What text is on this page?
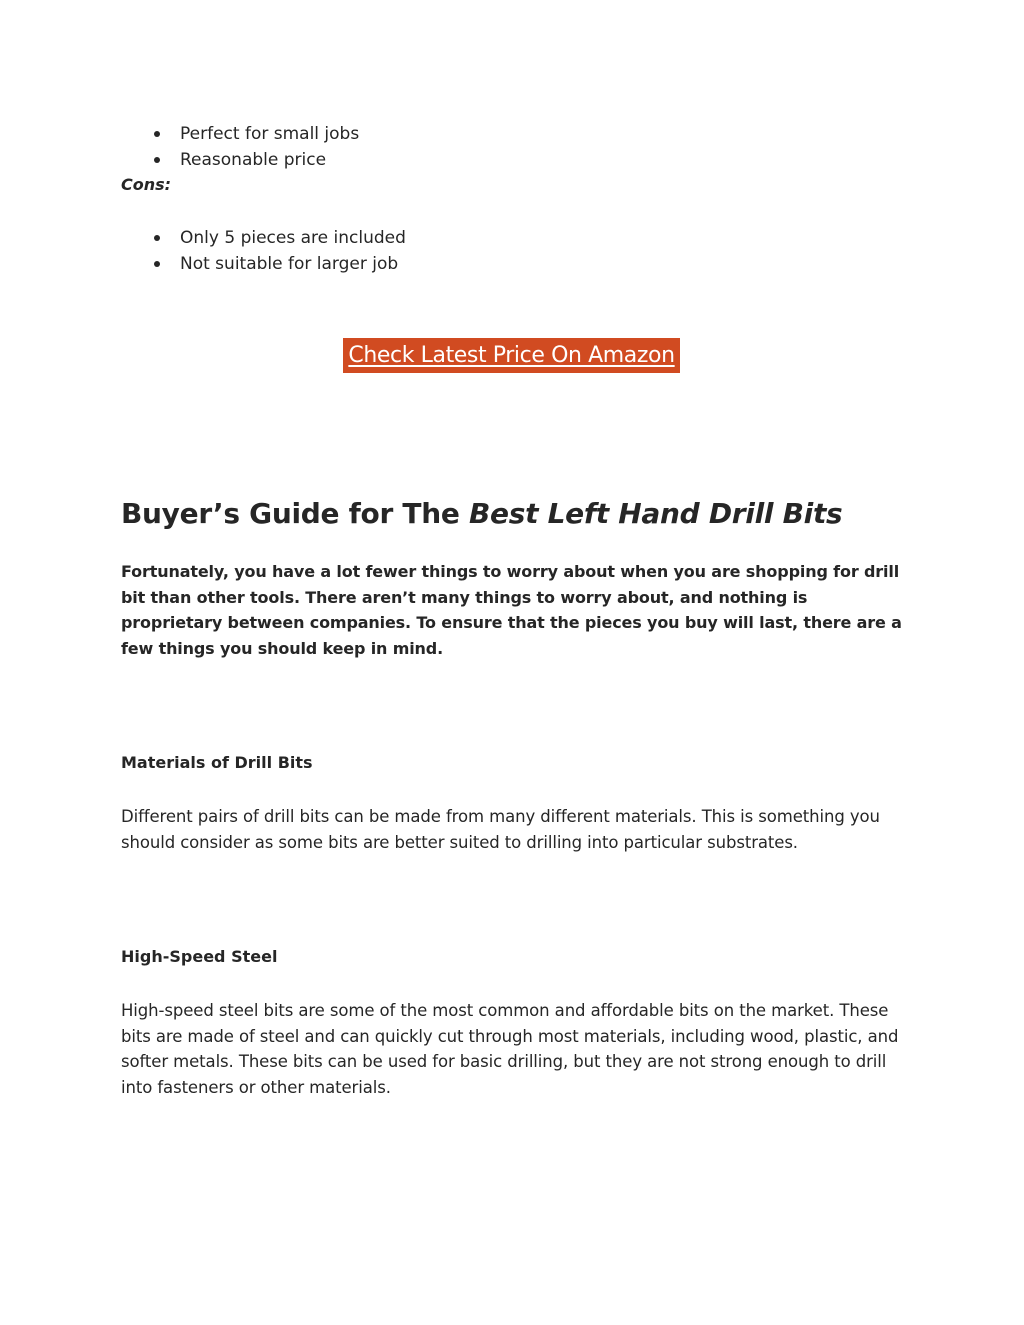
Perfect for small jobs
Reasonable price
Cons:
Only 5 pieces are included
Not suitable for larger job
Check Latest Price On Amazon
Buyer’s Guide for The Best Left Hand Drill Bits

Fortunately, you have a lot fewer things to worry about when you are shopping for drill bit than other tools. There aren’t many things to worry about, and nothing is proprietary between companies. To ensure that the pieces you buy will last, there are a few things you should keep in mind.

Materials of Drill Bits

Different pairs of drill bits can be made from many different materials. This is something you should consider as some bits are better suited to drilling into particular substrates.

High-Speed Steel

High-speed steel bits are some of the most common and affordable bits on the market. These bits are made of steel and can quickly cut through most materials, including wood, plastic, and softer metals. These bits can be used for basic drilling, but they are not strong enough to drill into fasteners or other materials.
